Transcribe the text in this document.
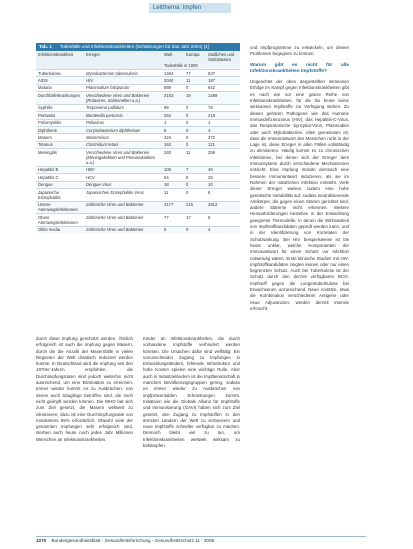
Leitthema: Impfen
Tab. 1 Todesfälle und Infektionskrankheiten (Schätzungen für das Jahr 2004) [4]
Infektionskrankheit	Erreger	Welt	Europa	Südliches und Südostasien
		Todesfälle in 1000		
Tuberkulose	Mycobacterium tuberculosis	1464	77	537
AIDS	HIV	2040	11	187
Malaria	Plasmodium falciparum	889	0	842
Durchfallerkrankungen	Verschiedene Viren und Bakterien (Rotaviren, Salmonellen u.a.)	2163	19	1489
Syphilis	Treponema pallidum	99	0	78
Pertussis	Bordetella pertussis	254	0	218
Poliomyelitis	Poliovirus	1	0	1
Diphtherie	Corynebacterium diphtheriae	5	0	4
Masern	Masernvirus	424	0	372
Tetanus	Clostridium tetani	163	0	121
Meningitis	Verschiedene Viren und Bakterien (Meningokokken und Pneumokokken u.a.)	340	11	259
Hepatitis B	HBV	105	7	49
Hepatitis C	HCV	54	5	29
Dengue	Dengue-Virus	18	0	10
Japanische Enzephalitis	Japanisches Enzephalitis-Virus	11	0	8
Untere Atemwegsinfektionen	Zahlreiche Viren und Bakterien	4177	215	2812
Obere Atemwegsinfektionen	Zahlreiche Viren und Bakterien	77	17	9
Otitis media	Zahlreiche Viren und Bakterien	5	0	4

und Impfprogramme zu entwickeln, um diesen Problemen begegnen zu können.

Warum gibt es nicht für alle Infektionskrankheiten Impfstoffe?

Ungeachtet der oben dargestellten immensen Erfolge im Kampf gegen Infektionskrankheiten gibt es nach wie vor eine ganze Reihe von Infektionskrankheiten, für die bis heute keine wirksamen Impfstoffe zur Verfügung stehen. Zu diesen gehören Pathogene wie das Humane Immundefizienzvirus (HIV), das Hepatitis-C-Virus, das Respiratorische Synzytial-Virus, Plasmodien oder auch Mykobakterien. Allen gemeinsam ist, dass die Immunantwort des Menschen nicht in der Lage ist, diese Erreger in allen Fällen vollständig zu eliminieren. Häufig kommt es zu chronischen Infektionen, bei denen sich der Erreger dem Immunsystem durch verschiedene Mechanismen entzieht. Eine Impfung müsste demnach eine bessere Immunantwort induzieren, als sie im Rahmen der natürlichen Infektion entsteht. Viele dieser Erreger weisen zudem eine hohe genetische Variabilität auf, sodass neutralisierende Antikörper, die gegen einen Stamm gerichtet sind, andere Stämme nicht erkennen. Weitere Herausforderungen bestehen in der Entwicklung geeigneter Tiermodelle, in denen die Wirksamkeit von Impfstoffkandidaten geprüft werden kann, und in der Identifizierung von Korrelaten der Schutzwirkung. Bei HIV beispielsweise ist bis heute unklar, welche Komponenten der Immunantwort für einen Schutz vor Infektion notwendig wären. Erste klinische Studien mit HIV-Impfstoffkandidaten zeigten keinen oder nur einen begrenzten Schutz. Auch bei Tuberkulose ist der Schutz durch den derzeit verfügbaren BCG-Impfstoff gegen die Lungentuberkulose bei Erwachsenen unzureichend. Neue Ansätze, etwa die Kombination verschiedener Antigene oder neue Adjuvanzien, werden derzeit intensiv erforscht.

durch diese Impfung geschützt werden. Ähnlich erfolgreich ist auch die Impfung gegen Masern, durch die die Anzahl der Masernfälle in vielen Regionen der Welt drastisch reduziert werden konnte. In Deutschland wird die Impfung seit den 1970er-Jahren empfohlen, die Durchimpfungsraten sind jedoch weiterhin nicht ausreichend, um eine Elimination zu erreichen. Immer wieder kommt es zu Ausbrüchen, von denen auch Säuglinge betroffen sind, die noch nicht geimpft werden können. Die WHO hat sich zum Ziel gesetzt, die Masern weltweit zu eliminieren; dazu ist eine Durchimpfungsrate von mindestens 95% erforderlich. Obwohl viele der genannten Impfungen sehr erfolgreich sind, sterben auch heute noch jedes Jahr Millionen Menschen an Infektionskrankheiten.

Kinder an Infektionskrankheiten, die durch vorhandene Impfstoffe verhindert werden könnten. Die Ursachen dafür sind vielfältig: Ein unzureichender Zugang zu Impfungen in Entwicklungsländern, fehlende Infrastruktur und hohe Kosten spielen eine wichtige Rolle. Aber auch in Industrieländern ist die Impfbereitschaft in manchen Bevölkerungsgruppen gering, sodass es immer wieder zu Ausbrüchen von impfpräventablen Erkrankungen kommt. Initiativen wie die Globale Allianz für Impfstoffe und Immunisierung (GAVI) haben sich zum Ziel gesetzt, den Zugang zu Impfstoffen in den ärmsten Ländern der Welt zu verbessern und neue Impfstoffe schneller verfügbar zu machen. Dennoch bleibt viel zu tun, um Infektionskrankheiten weltweit wirksam zu bekämpfen.

1070 Bundesgesundheitsblatt - Gesundheitsforschung - Gesundheitsschutz 11 · 2009
